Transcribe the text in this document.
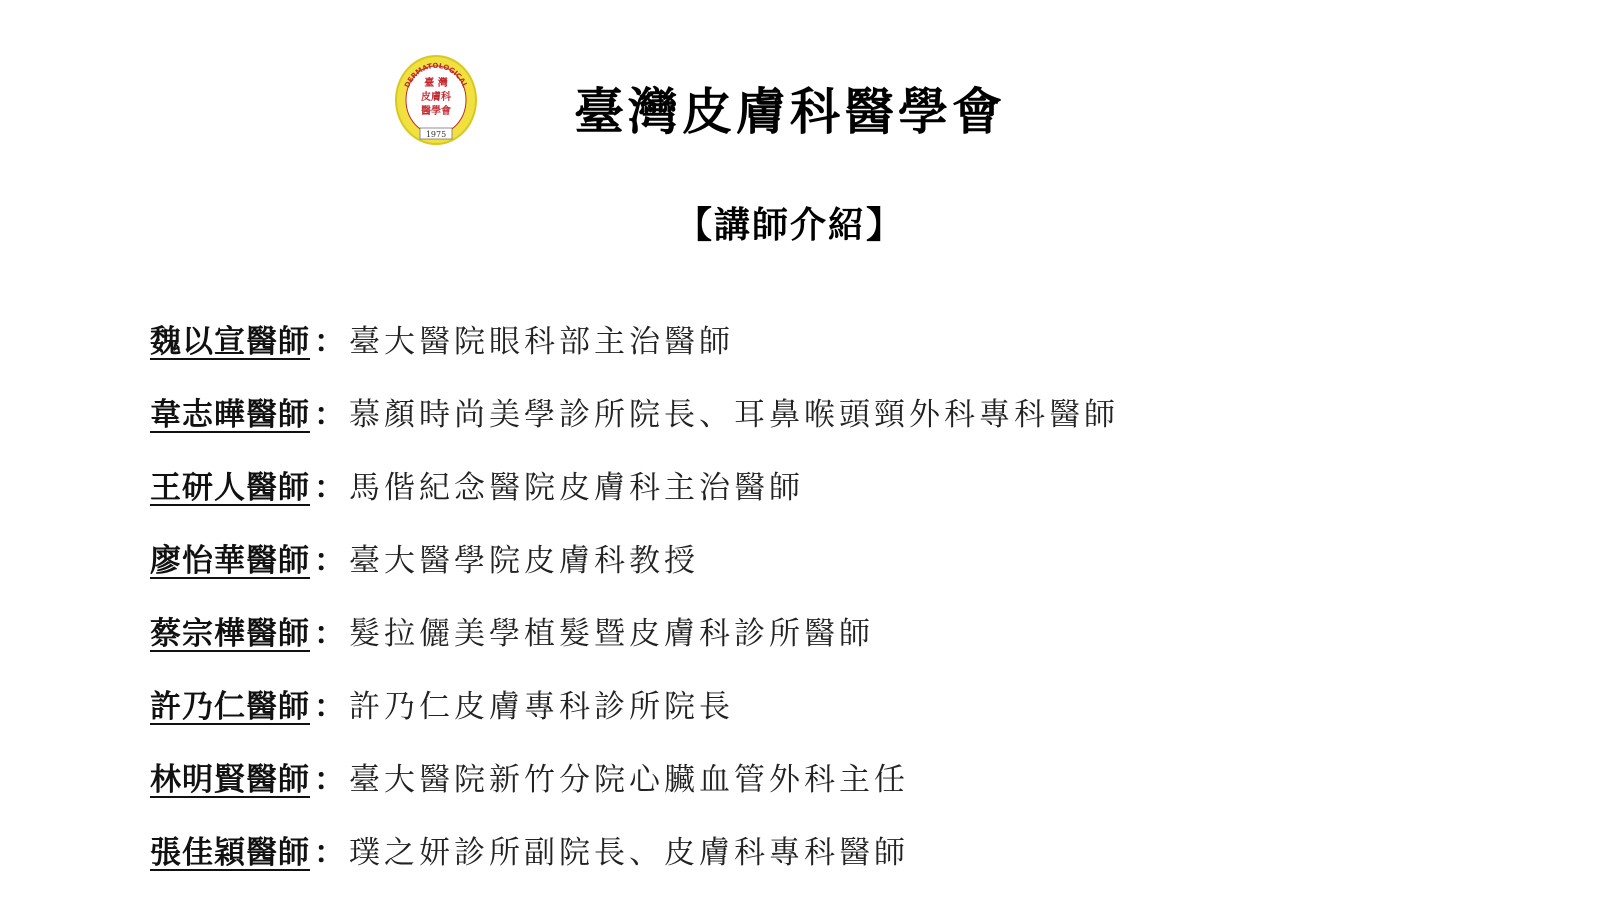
DERMATOLOGICAL
臺 灣
皮膚科
醫學會
1975	臺灣皮膚科醫學會
【講師介紹】
魏以宣醫師 ： 臺大醫院眼科部主治醫師
韋志曄醫師 ： 慕顏時尚美學診所院長、耳鼻喉頭頸外科專科醫師
王研人醫師 ： 馬偕紀念醫院皮膚科主治醫師
廖怡華醫師 ： 臺大醫學院皮膚科教授
蔡宗樺醫師 ： 髮拉儷美學植髮暨皮膚科診所醫師
許乃仁醫師 ： 許乃仁皮膚專科診所院長
林明賢醫師 ： 臺大醫院新竹分院心臟血管外科主任
張佳穎醫師 ： 璞之妍診所副院長、皮膚科專科醫師
